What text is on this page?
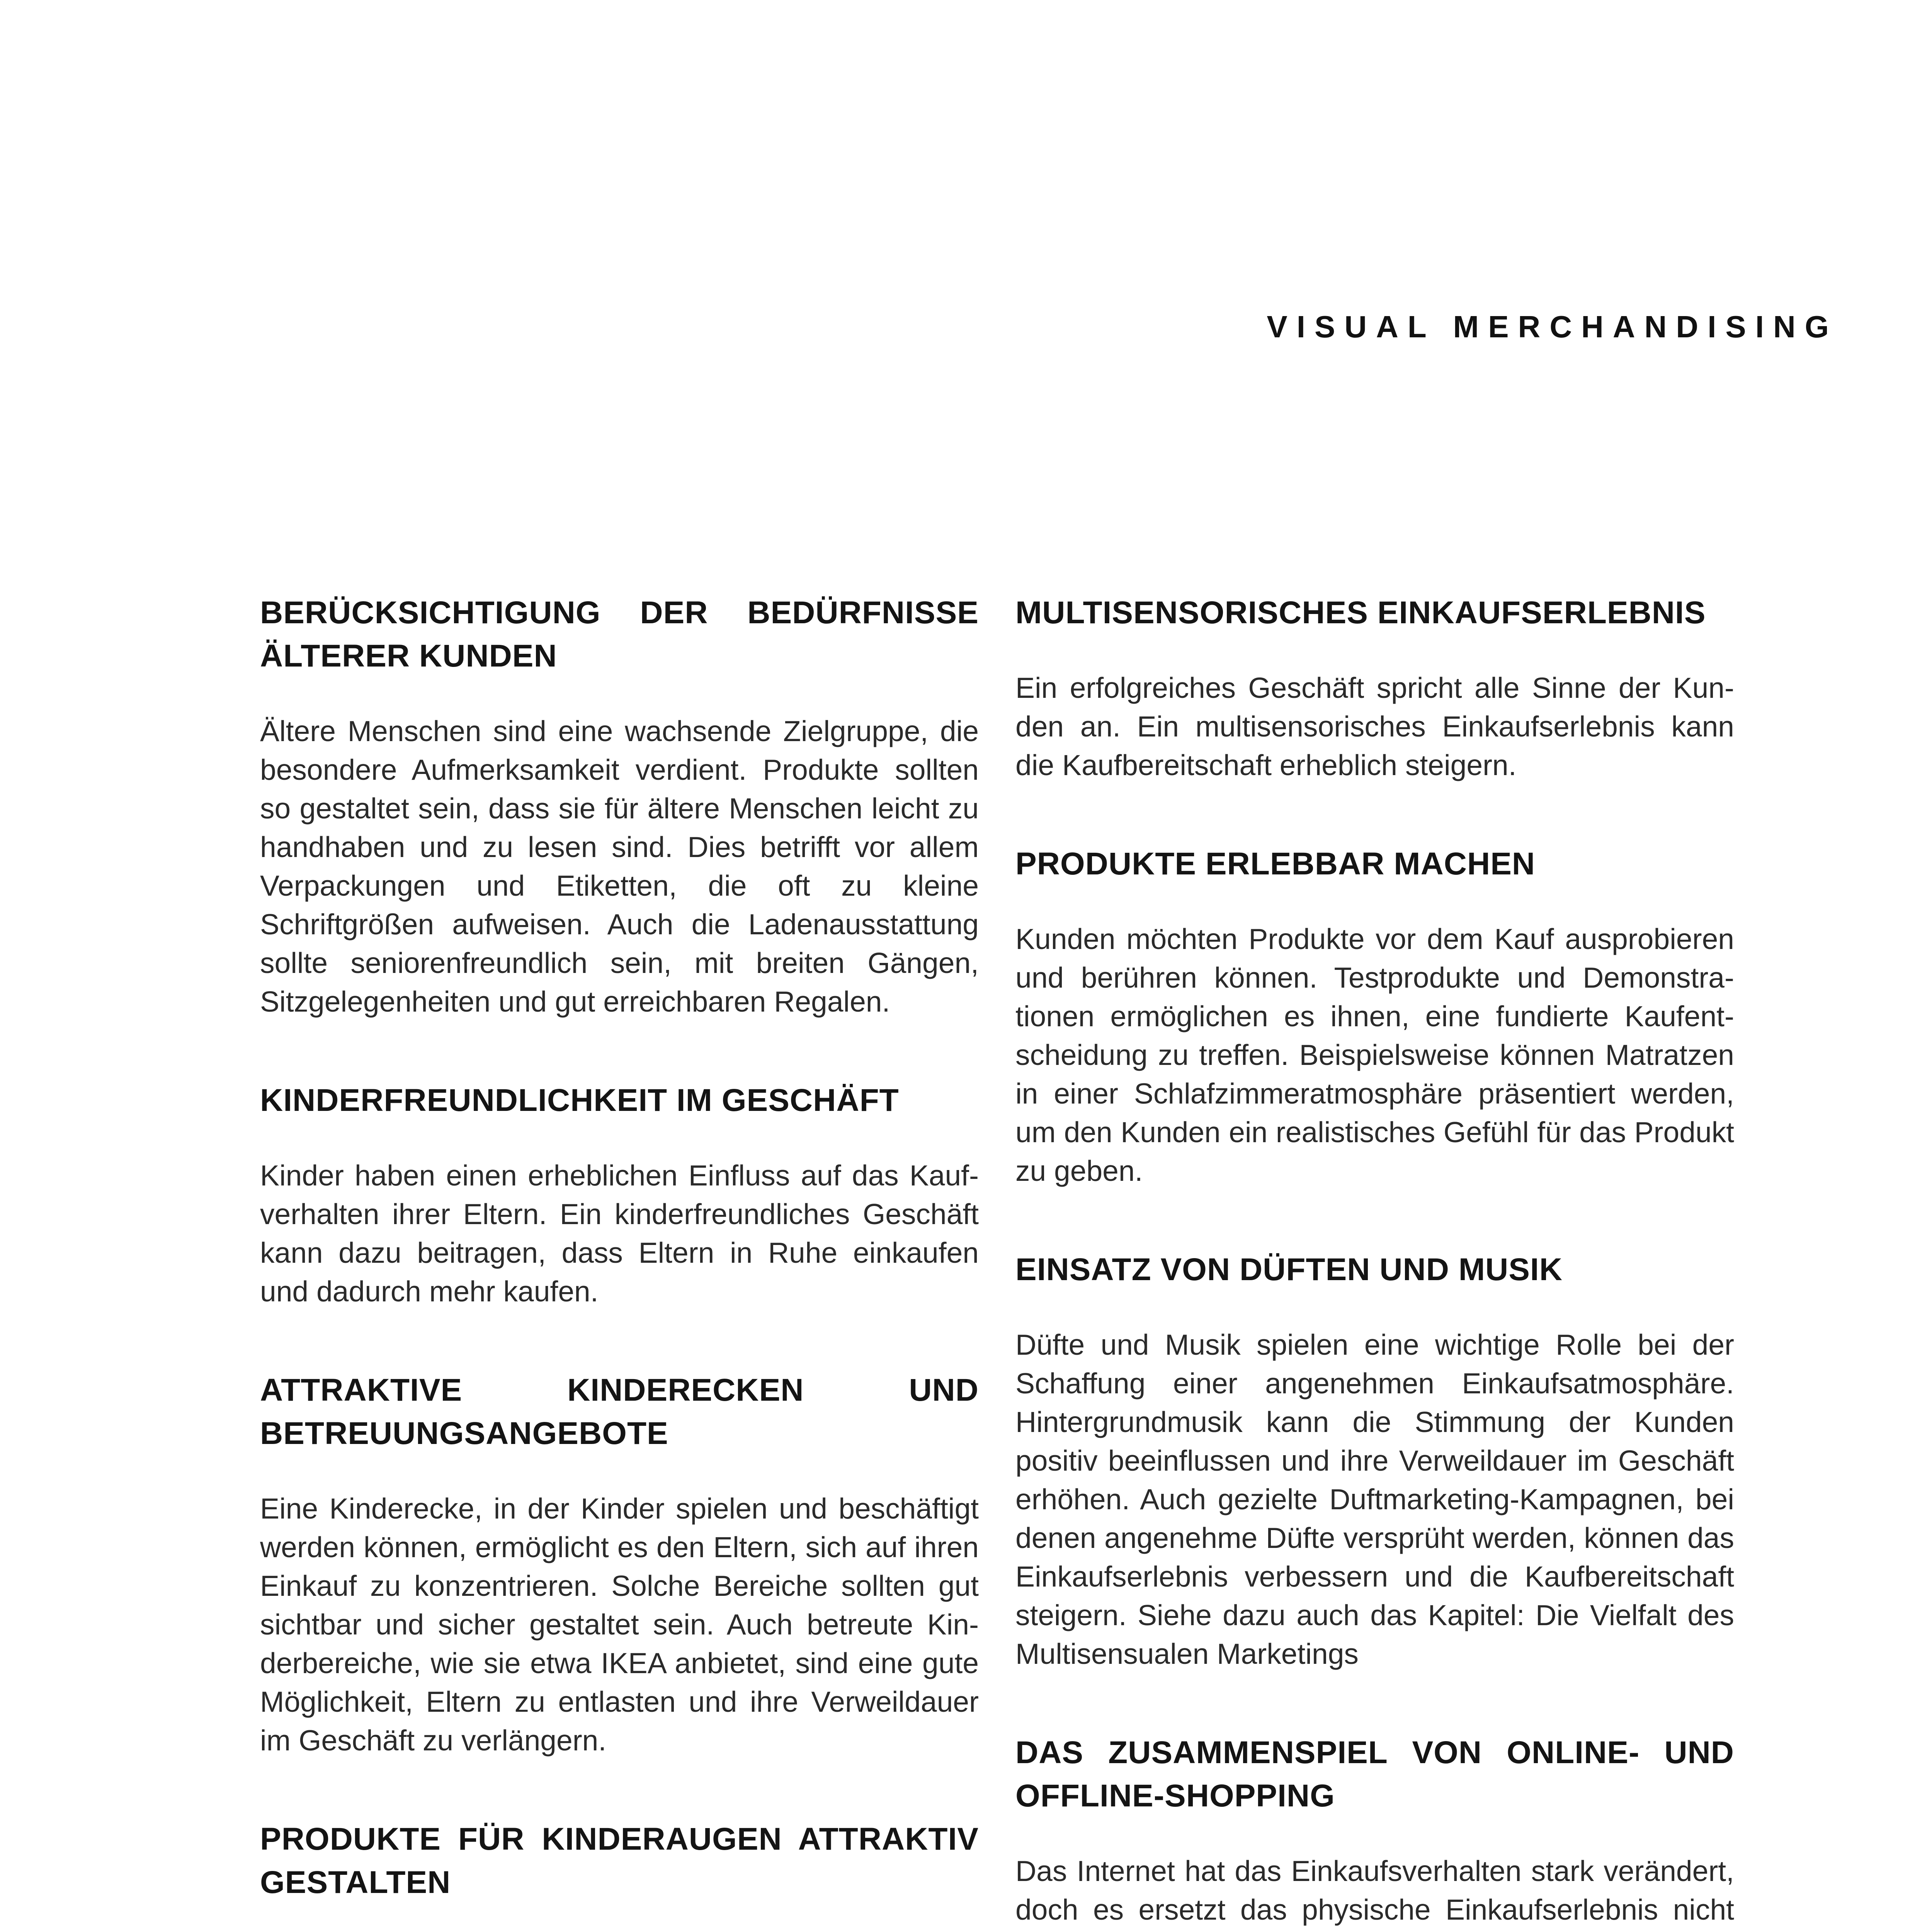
VISUAL MERCHANDISING
BERÜCKSICHTIGUNG DER BEDÜRFNISSE ÄLTERER KUNDEN

Ältere Menschen sind eine wachsende Zielgruppe, die besondere Aufmerksamkeit verdient. Produkte sollten so gestaltet sein, dass sie für ältere Menschen leicht zu handhaben und zu lesen sind. Dies betrifft vor allem Verpackungen und Etiketten, die oft zu kleine Schriftgrößen aufweisen. Auch die Ladenausstattung sollte seniorenfreundlich sein, mit breiten Gängen, Sitzgelegenheiten und gut erreichbaren Regalen.

KINDERFREUNDLICHKEIT IM GESCHÄFT

Kinder haben einen erheblichen Einfluss auf das Kaufverhalten ihrer Eltern. Ein kinderfreundliches Geschäft kann dazu beitragen, dass Eltern in Ruhe einkaufen und dadurch mehr kaufen.

ATTRAKTIVE KINDERECKEN UND BETREUUNGSANGEBOTE

Eine Kinderecke, in der Kinder spielen und beschäftigt werden können, ermöglicht es den Eltern, sich auf ihren Einkauf zu konzentrieren. Solche Bereiche sollten gut sichtbar und sicher gestaltet sein. Auch betreute Kinderbereiche, wie sie etwa IKEA anbietet, sind eine gute Möglichkeit, Eltern zu entlasten und ihre Verweildauer im Geschäft zu verlängern.

PRODUKTE FÜR KINDERAUGEN ATTRAKTIV GESTALTEN

MULTISENSORISCHES EINKAUFSERLEBNIS

Ein erfolgreiches Geschäft spricht alle Sinne der Kunden an. Ein multisensorisches Einkaufserlebnis kann die Kaufbereitschaft erheblich steigern.

PRODUKTE ERLEBBAR MACHEN

Kunden möchten Produkte vor dem Kauf ausprobieren und berühren können. Testprodukte und Demonstrationen ermöglichen es ihnen, eine fundierte Kaufentscheidung zu treffen. Beispielsweise können Matratzen in einer Schlafzimmeratmosphäre präsentiert werden, um den Kunden ein realistisches Gefühl für das Produkt zu geben.

EINSATZ VON DÜFTEN UND MUSIK

Düfte und Musik spielen eine wichtige Rolle bei der Schaffung einer angenehmen Einkaufsatmosphäre. Hintergrundmusik kann die Stimmung der Kunden positiv beeinflussen und ihre Verweildauer im Geschäft erhöhen. Auch gezielte Duftmarketing-Kampagnen, bei denen angenehme Düfte versprüht werden, können das Einkaufserlebnis verbessern und die Kaufbereitschaft steigern. Siehe dazu auch das Kapitel: Die Vielfalt des Multisensualen Marketings

DAS ZUSAMMENSPIEL VON ONLINE- UND OFFLINE-SHOPPING

Das Internet hat das Einkaufsverhalten stark verändert, doch es ersetzt das physische Einkaufserlebnis nicht
